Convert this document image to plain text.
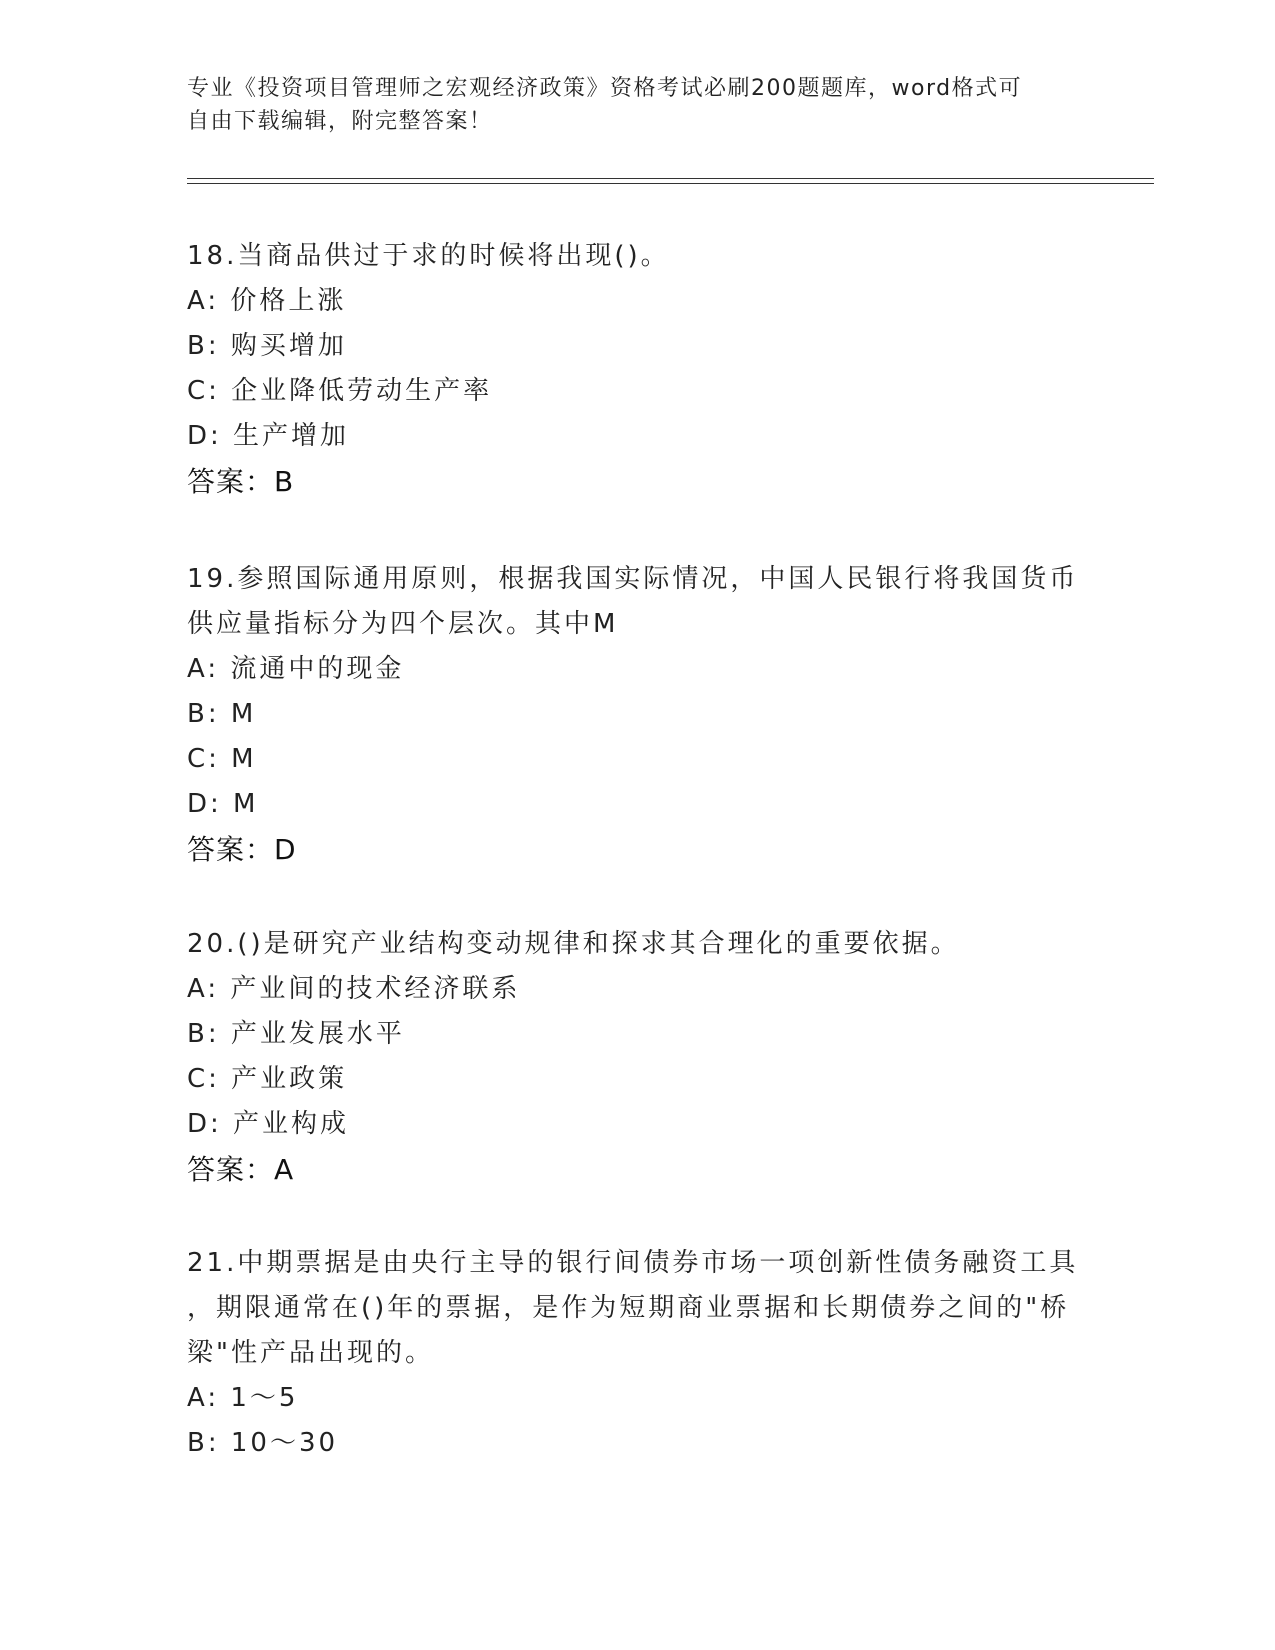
专业《投资项目管理师之宏观经济政策》资格考试必刷200题题库，word格式可
自由下载编辑，附完整答案！

18.当商品供过于求的时候将出现()。

A: 价格上涨

B: 购买增加

C: 企业降低劳动生产率

D: 生产增加

答案：B

19.参照国际通用原则，根据我国实际情况，中国人民银行将我国货币
供应量指标分为四个层次。其中M

A: 流通中的现金

B: M

C: M

D: M

答案：D

20.()是研究产业结构变动规律和探求其合理化的重要依据。

A: 产业间的技术经济联系

B: 产业发展水平

C: 产业政策

D: 产业构成

答案：A

21.中期票据是由央行主导的银行间债券市场一项创新性债务融资工具
，期限通常在()年的票据，是作为短期商业票据和长期债券之间的"桥
梁"性产品出现的。

A: 1～5

B: 10～30
